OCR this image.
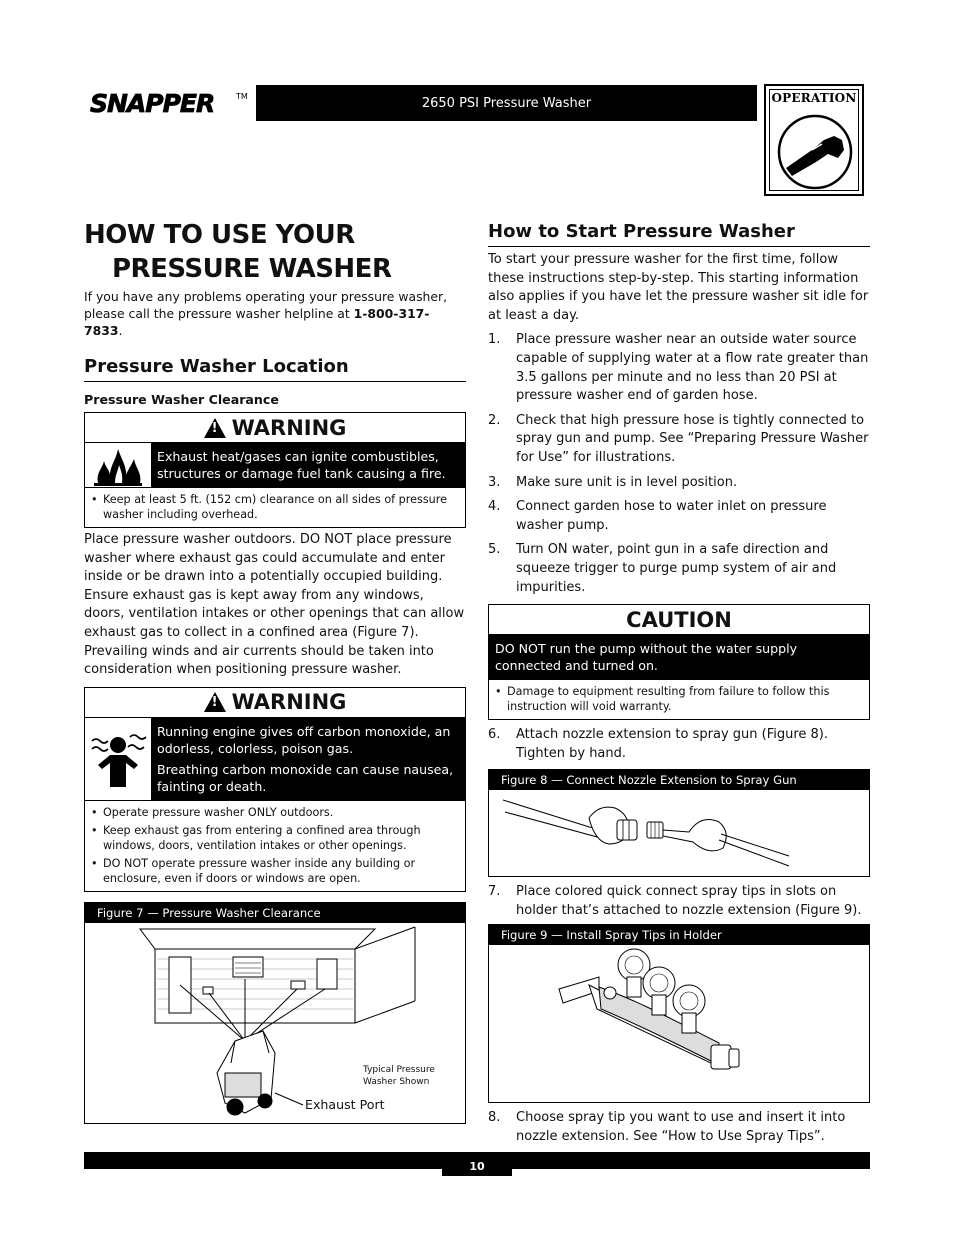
SNAPPER	TM	2650 PSI Pressure Washer	OPERATION
HOW TO USE YOUR
PRESSURE WASHER

If you have any problems operating your pressure washer, please call the pressure washer helpline at 1-800-317-7833.

Pressure Washer Location
Pressure Washer Clearance
!
WARNING

Exhaust heat/gases can ignite combustibles, structures or damage fuel tank causing a fire.

• Keep at least 5 ft. (152 cm) clearance on all sides of pressure washer including overhead.

Place pressure washer outdoors. DO NOT place pressure washer where exhaust gas could accumulate and enter inside or be drawn into a potentially occupied building. Ensure exhaust gas is kept away from any windows, doors, ventilation intakes or other openings that can allow exhaust gas to collect in a confined area (Figure 7). Prevailing winds and air currents should be taken into consideration when positioning pressure washer.

!
WARNING

Running engine gives off carbon monoxide, an odorless, colorless, poison gas.

Breathing carbon monoxide can cause nausea, fainting or death.

• Operate pressure washer ONLY outdoors.
• Keep exhaust gas from entering a confined area through windows, doors, ventilation intakes or other openings.
• DO NOT operate pressure washer inside any building or enclosure, even if doors or windows are open.
Figure 7 — Pressure Washer Clearance
Typical Pressure Washer Shown
Exhaust Port
How to Start Pressure Washer

To start your pressure washer for the first time, follow these instructions step-by-step. This starting information also applies if you have let the pressure washer sit idle for at least a day.

1.	Place pressure washer near an outside water source capable of supplying water at a flow rate greater than 3.5 gallons per minute and no less than 20 PSI at pressure washer end of garden hose.
2.	Check that high pressure hose is tightly connected to spray gun and pump. See “Preparing Pressure Washer for Use” for illustrations.
3.	Make sure unit is in level position.
4.	Connect garden hose to water inlet on pressure washer pump.
5.	Turn ON water, point gun in a safe direction and squeeze trigger to purge pump system of air and impurities.
CAUTION

DO NOT run the pump without the water supply connected and turned on.

• Damage to equipment resulting from failure to follow this instruction will void warranty.
6.	Attach nozzle extension to spray gun (Figure 8). Tighten by hand.
Figure 8 — Connect Nozzle Extension to Spray Gun
7.	Place colored quick connect spray tips in slots on holder that’s attached to nozzle extension (Figure 9).
Figure 9 — Install Spray Tips in Holder
8.	Choose spray tip you want to use and insert it into nozzle extension. See “How to Use Spray Tips”.
10
